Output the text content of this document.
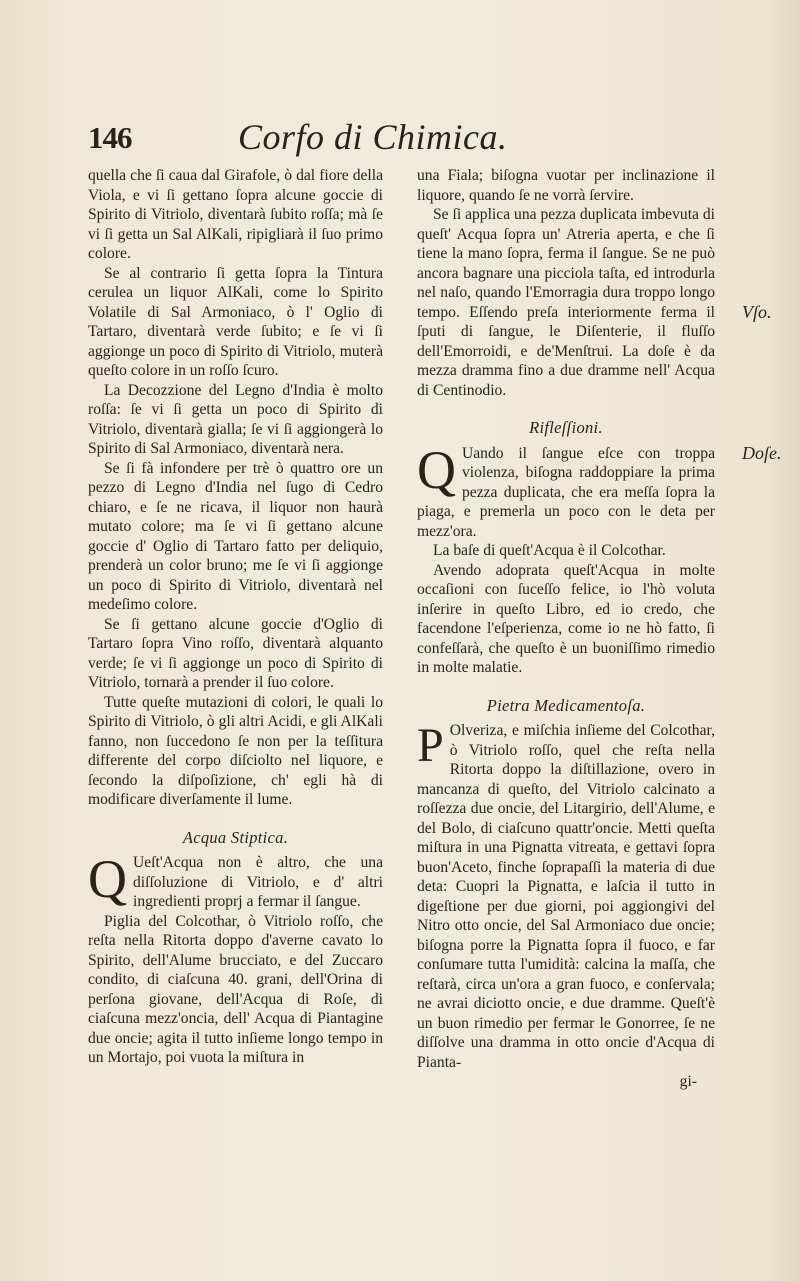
146	Corfo di Chimica.

quella che ſi caua dal Girafole, ò dal fiore della Viola, e vi ſi gettano ſopra alcune goccie di Spirito di Vitriolo, diventarà ſubito roſſa; mà ſe vi ſi getta un Sal AlKali, ripigliarà il ſuo primo colore.

Se al contrario ſi getta ſopra la Tintura cerulea un liquor AlKali, come lo Spirito Volatile di Sal Armoniaco, ò l' Oglio di Tartaro, diventarà verde ſubito; e ſe vi ſi aggionge un poco di Spirito di Vitriolo, muterà queſto colore in un roſſo ſcuro.

La Decozzione del Legno d'India è molto roſſa: ſe vi ſi getta un poco di Spirito di Vitriolo, diventarà gialla; ſe vi ſi aggiongerà lo Spirito di Sal Armoniaco, diventarà nera.

Se ſi fà infondere per trè ò quattro ore un pezzo di Legno d'India nel ſugo di Cedro chiaro, e ſe ne ricava, il liquor non haurà mutato colore; ma ſe vi ſi gettano alcune goccie d' Oglio di Tartaro fatto per deliquio, prenderà un color bruno; me ſe vi ſi aggionge un poco di Spirito di Vitriolo, diventarà nel medeſimo colore.

Se ſi gettano alcune goccie d'Oglio di Tartaro ſopra Vino roſſo, diventarà alquanto verde; ſe vi ſi aggionge un poco di Spirito di Vitriolo, tornarà a prender il ſuo colore.

Tutte queſte mutazioni di colori, le quali lo Spirito di Vitriolo, ò gli altri Acidi, e gli AlKali fanno, non ſuccedono ſe non per la teſſitura differente del corpo diſciolto nel liquore, e ſecondo la diſpoſizione, ch' egli hà di modificare diverſamente il lume.

Acqua Stiptica.

Q Ueſt'Acqua non è altro, che una diſſoluzione di Vitriolo, e d' altri ingredienti proprj a fermar il ſangue.

Piglia del Colcothar, ò Vitriolo roſſo, che reſta nella Ritorta doppo d'averne cavato lo Spirito, dell'Alume brucciato, e del Zuccaro condito, di ciaſcuna 40. grani, dell'Orina di perſona giovane, dell'Acqua di Roſe, di ciaſcuna mezz'oncia, dell' Acqua di Piantagine due oncie; agita il tutto inſieme longo tempo in un Mortajo, poi vuota la miſtura in

una Fiala; biſogna vuotar per inclinazione il liquore, quando ſe ne vorrà ſervire.

Se ſi applica una pezza duplicata imbevuta di queſt' Acqua ſopra un' Atreria aperta, e che ſi tiene la mano ſopra, ferma il ſangue. Se ne può ancora bagnare una picciola taſta, ed introdurla nel naſo, quando l'Emorragia dura troppo longo tempo. Eſſendo preſa interiormente ferma il ſputi di ſangue, le Diſenterie, il fluſſo dell'Emorroidi, e de'Menſtrui. La doſe è da mezza dramma fino a due dramme nell' Acqua di Centinodio.

Rifleſſioni.

Q Uando il ſangue eſce con troppa violenza, biſogna raddoppiare la prima pezza duplicata, che era meſſa ſopra la piaga, e premerla un poco con le deta per mezz'ora.

La baſe di queſt'Acqua è il Colcothar.

Avendo adoprata queſt'Acqua in molte occaſioni con ſuceſſo felice, io l'hò voluta inſerire in queſto Libro, ed io credo, che facendone l'eſperienza, come io ne hò fatto, ſi confeſſarà, che queſto è un buoniſſimo rimedio in molte malatie.

Pietra Medicamentoſa.

P Olveriza, e miſchia inſieme del Colcothar, ò Vitriolo roſſo, quel che reſta nella Ritorta doppo la diſtillazione, overo in mancanza di queſto, del Vitriolo calcinato a roſſezza due oncie, del Litargirio, dell'Alume, e del Bolo, di ciaſcuno quattr'oncie. Metti queſta miſtura in una Pignatta vitreata, e gettavi ſopra buon'Aceto, finche ſoprapaſſi la materia di due deta: Cuopri la Pignatta, e laſcia il tutto in digeſtione per due giorni, poi aggiongivi del Nitro otto oncie, del Sal Armoniaco due oncie; biſogna porre la Pignatta ſopra il fuoco, e far conſumare tutta l'umidità: calcina la maſſa, che reſtarà, circa un'ora a gran fuoco, e conſervala; ne avrai diciotto oncie, e due dramme. Queſt'è un buon rimedio per fermar le Gonorree, ſe ne diſſolve una dramma in otto oncie d'Acqua di Pianta-

gi-
Vſo.
Doſe.
